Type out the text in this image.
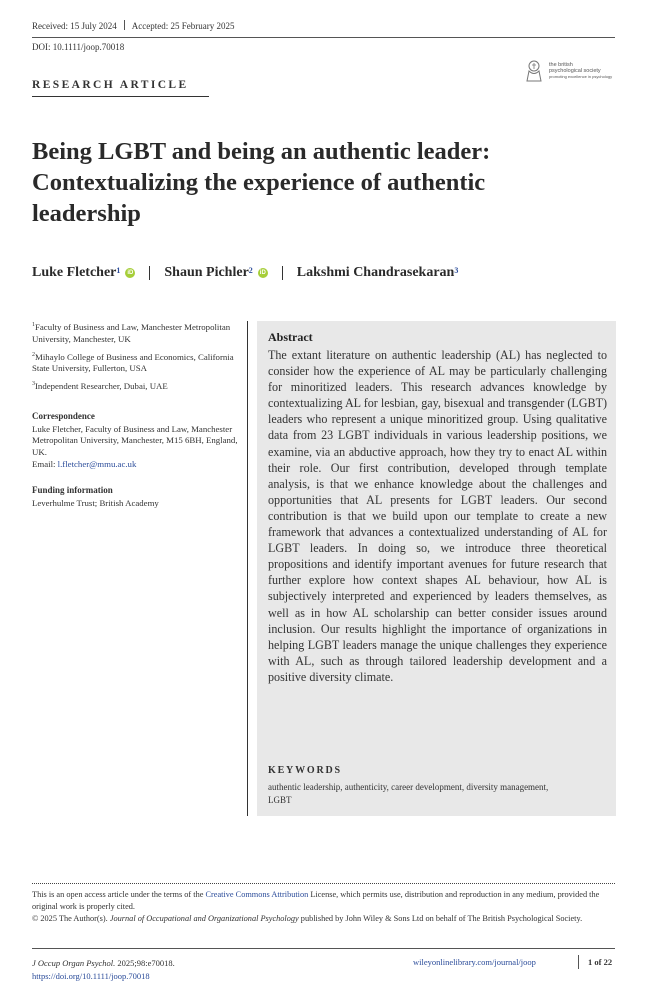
Received: 15 July 2024 Accepted: 25 February 2025
DOI: 10.1111/joop.70018
RESEARCH ARTICLE
the british
psychological society
promoting excellence in psychology
Being LGBT and being an authentic leader: Contextualizing the experience of authentic leadership
Luke Fletcher$^1$	iD Shaun Pichler$^2$	iD Lakshmi Chandrasekaran$^3$
$^1$Faculty of Business and Law, Manchester Metropolitan University, Manchester, UK
$^2$Mihaylo College of Business and Economics, California State University, Fullerton, USA
$^3$Independent Researcher, Dubai, UAE
Correspondence
Luke Fletcher, Faculty of Business and Law, Manchester Metropolitan University, Manchester, M15 6BH, England, UK.
Email: l.fletcher@mmu.ac.uk
Funding information
Leverhulme Trust; British Academy
Abstract
The extant literature on authentic leadership (AL) has neglected to consider how the experience of AL may be particularly challenging for minoritized leaders. This research advances knowledge by contextualizing AL for lesbian, gay, bisexual and transgender (LGBT) leaders who represent a unique minoritized group. Using qualitative data from 23 LGBT individuals in various leadership positions, we examine, via an abductive approach, how they try to enact AL within their role. Our first contribution, developed through template analysis, is that we enhance knowledge about the challenges and opportunities that AL presents for LGBT leaders. Our second contribution is that we build upon our template to create a new framework that advances a contextualized understanding of AL for LGBT leaders. In doing so, we introduce three theoretical propositions and identify important avenues for future research that further explore how context shapes AL behaviour, how AL is subjectively interpreted and experienced by leaders themselves, as well as in how AL scholarship can better consider issues around inclusion. Our results highlight the importance of organizations in helping LGBT leaders manage the unique challenges they experience with AL, such as through tailored leadership development and a positive diversity climate.
KEYWORDS
authentic leadership, authenticity, career development, diversity management, LGBT
This is an open access article under the terms of the Creative Commons Attribution License, which permits use, distribution and reproduction in any medium, provided the original work is properly cited.
© 2025 The Author(s). Journal of Occupational and Organizational Psychology published by John Wiley & Sons Ltd on behalf of The British Psychological Society.
J Occup Organ Psychol. 2025;98:e70018.
https://doi.org/10.1111/joop.70018
wileyonlinelibrary.com/journal/joop	1 of 22
